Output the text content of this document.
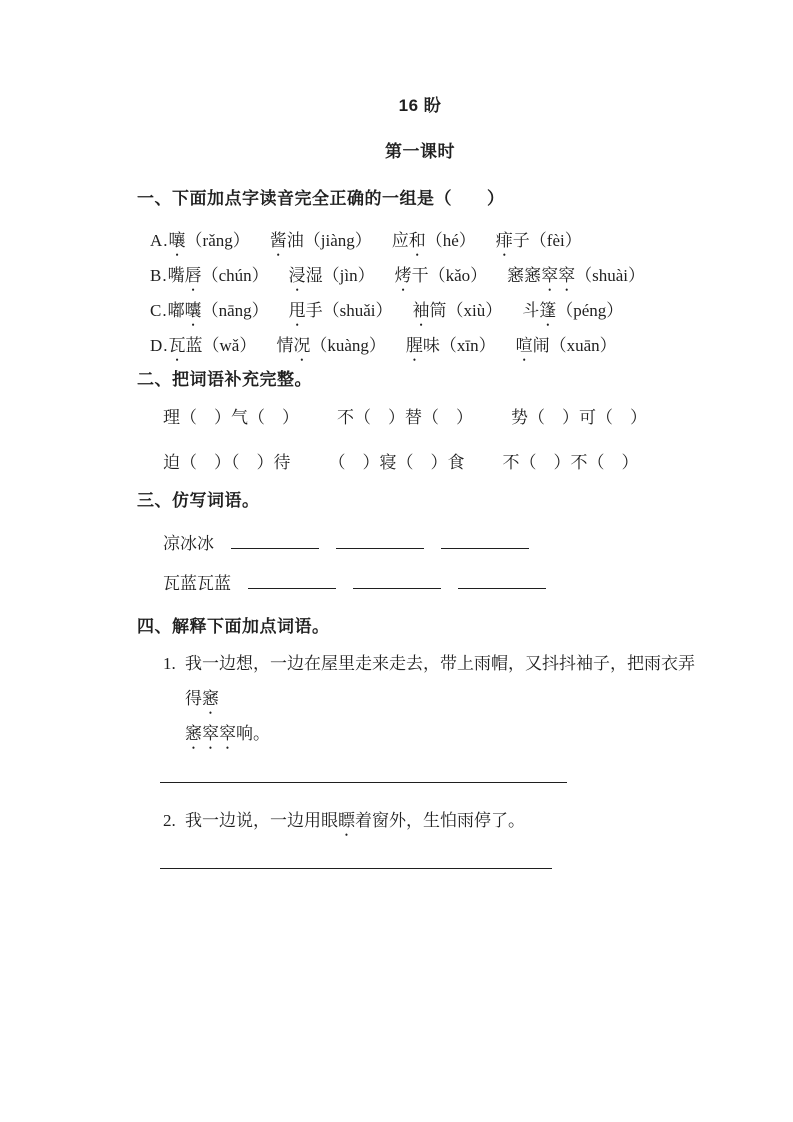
16 盼
第一课时
一、下面加点字读音完全正确的一组是（　　）
A.嚷（rǎng） 酱油（jiàng） 应和（hé） 痱子（fèi）
B.嘴唇（chún） 浸湿（jìn） 烤干（kǎo） 窸窸窣窣（shuài）
C.嘟囔（nāng） 甩手（shuǎi） 袖筒（xiù） 斗篷（péng）
D.瓦蓝（wǎ） 情况（kuàng） 腥味（xīn） 喧闹（xuān）
二、把词语补充完整。
理（　）气（　） 不（　）替（　） 势（　）可（　）
迫（　）（　）待 （　）寝（　）食 不（　）不（　）
三、仿写词语。
凉冰冰
瓦蓝瓦蓝
四、解释下面加点词语。
1. 我一边想，一边在屋里走来走去，带上雨帽，又抖抖袖子，把雨衣弄得窸
窸窣窣响。
2. 我一边说，一边用眼瞟着窗外，生怕雨停了。
